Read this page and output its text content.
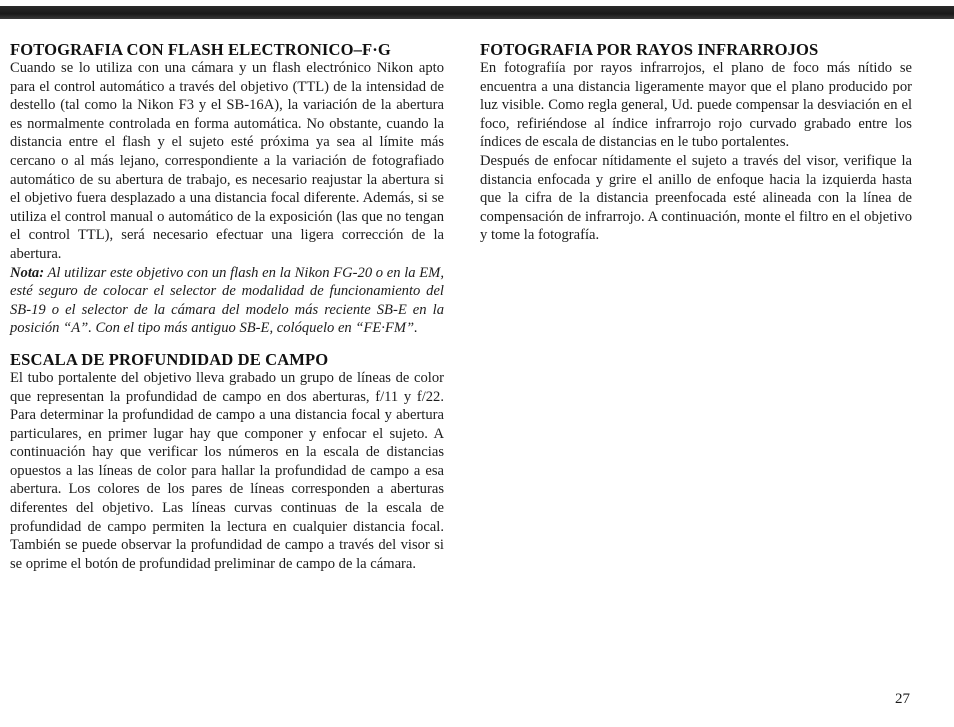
FOTOGRAFIA CON FLASH ELECTRONICO–F·G

Cuando se lo utiliza con una cámara y un flash electrónico Nikon apto para el control automático a través del objetivo (TTL) de la intensidad de destello (tal como la Nikon F3 y el SB-16A), la variación de la abertura es normalmente controlada en forma automática. No obstante, cuando la distancia entre el flash y el sujeto esté próxima ya sea al límite más cercano o al más lejano, correspondiente a la variación de fotografiado automático de su abertura de trabajo, es necesario reajustar la abertura si el objetivo fuera desplazado a una distancia focal diferente. Además, si se utiliza el control manual o automático de la exposición (las que no tengan el control TTL), será necesario efectuar una ligera corrección de la abertura.

Nota: Al utilizar este objetivo con un flash en la Nikon FG-20 o en la EM, esté seguro de colocar el selector de modalidad de funcionamiento del SB-19 o el selector de la cámara del modelo más reciente SB-E en la posición “A”. Con el tipo más antiguo SB-E, colóquelo en “FE·FM”.

ESCALA DE PROFUNDIDAD DE CAMPO

El tubo portalente del objetivo lleva grabado un grupo de líneas de color que representan la profundidad de campo en dos aberturas, f/11 y f/22. Para determinar la profundidad de campo a una distancia focal y abertura particulares, en primer lugar hay que componer y enfocar el sujeto. A continuación hay que verificar los números en la escala de distancias opuestos a las líneas de color para hallar la profundidad de campo a esa abertura. Los colores de los pares de líneas corresponden a aberturas diferentes del objetivo. Las líneas curvas continuas de la escala de profundidad de campo permiten la lectura en cualquier distancia focal. También se puede observar la profundidad de campo a través del visor si se oprime el botón de profundidad preliminar de campo de la cámara.

FOTOGRAFIA POR RAYOS INFRARROJOS

En fotografiía por rayos infrarrojos, el plano de foco más nítido se encuentra a una distancia ligeramente mayor que el plano producido por luz visible. Como regla general, Ud. puede compensar la desviación en el foco, refiriéndose al índice infrarrojo rojo curvado grabado entre los índices de escala de distancias en le tubo portalentes.

Después de enfocar nítidamente el sujeto a través del visor, verifique la distancia enfocada y grire el anillo de enfoque hacia la izquierda hasta que la cifra de la distancia preenfocada esté alineada con la línea de compensación de infrarrojo. A continuación, monte el filtro en el objetivo y tome la fotografía.

27
